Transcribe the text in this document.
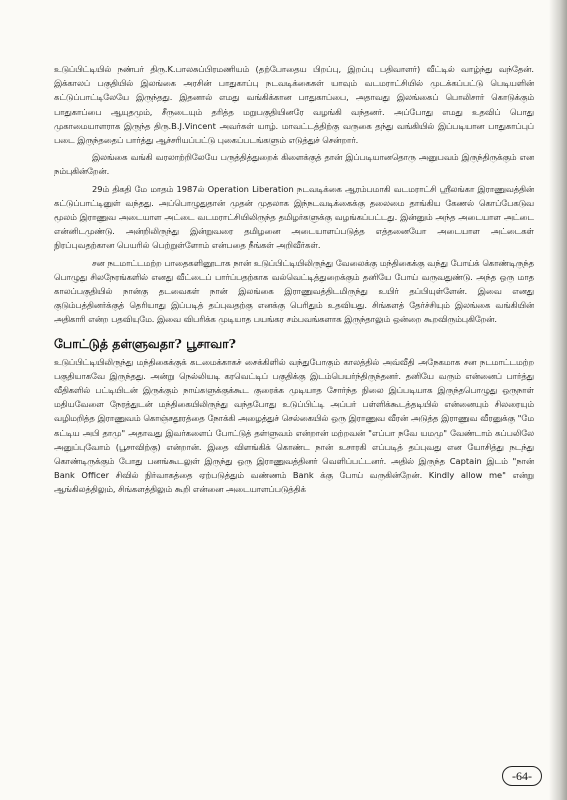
உடுப்பிட்டியில் நண்பர் திரு.K.பாலசுப்பிரமணியம் (தற்போதைய பிறப்பு, இறப்பு பதிவாளர்) வீட்டில் வாழ்ந்து வந்தேன். இக்காலப் பகுதியில் இலங்கை அரசின் பாதுகாப்பு நடவடிக்கைகள் யாவும் வடமராட்சியில் முடக்கப்பட்டு பெடியளின் கட்டுப்பாட்டிலேயே இருந்தது. இதனால் எமது வங்கிக்கான பாதுகாப்பை, அதாவது இலங்கைப் பொலிசார் கொடுக்கும் பாதுகாப்பை ஆயுதமும், சீருடையும் தரித்த மறுபகுதியினரே வழங்கி வந்தனர். அப்போது எமது உதவிப் பொது முகாமையாளராக இருந்த திரு.B.J.Vincent அவர்கள் யாழ். மாவட்டத்திற்கு வருகை தந்து வங்கியில் இப்படியான பாதுகாப்புப் படை இருந்ததைப் பார்த்து ஆச்சரியப்பட்டு புகைப்படங்களும் எடுத்துச் சென்றார்.

இலங்கை வங்கி வரலாற்றிலேயே பருத்தித்துறைக் கிளைக்குத் தான் இப்படியானதொரு அனுபவம் இருந்திருக்கும் என நம்புகின்றேன்.

29ம் திகதி மே மாதம் 1987ல் Operation Liberation நடவடிக்கை ஆரம்பமாகி வடமராட்சி ஸ்ரீலங்கா இராணுவத்தின் கட்டுப்பாட்டினுள் வந்தது. அப்பொழுதுதான் முதன் முதலாக இந்நடவடிக்கைக்கு தலைமை தாங்கிய கேணல் கொப்பேகடுவ மூலம் இராணுவ அடையாள அட்டை வடமராட்சியிலிருந்த தமிழர்களுக்கு வழங்கப்பட்டது. இன்னும் அந்த அடையாள அட்டை என்னிடமுண்டு. அன்றிலிருந்து இன்றுவரை தமிழனை அடையாளப்படுத்த எத்தனையோ அடையாள அட்டைகள் நிரப்புவதற்கான பெயரில் பெற்றுள்ளோம் என்பதை நீங்கள் அறிவீர்கள்.

சன நடமாட்டமற்ற பாதைகளினூடாக நான் உடுப்பிட்டியிலிருந்து வேலைக்கு மந்திகைக்கு வந்து போய்க் கொண்டிருந்த பொழுது சிலநேரங்களில் எனது வீட்டைப் பார்ப்பதற்காக வல்வெட்டித்துறைக்கும் தனியே போய் வருவதுண்டு. அந்த ஒரு மாத காலப்பகுதியில் நான்கு தடவைகள் நான் இலங்கை இராணுவத்திடமிருந்து உயிர் தப்பியுள்ளேன். இவை எனது குடும்பத்தினர்க்குத் தெரியாது இப்படித் தப்புவதற்கு எனக்கு பெரிதும் உதவியது. சிங்களத் தேர்ச்சியும் இலங்கை வங்கியின் அதிகாரி என்ற பதவியுமே. இவை விபரிக்க முடியாத பயங்கர சம்பவங்களாக இருந்தாலும் ஒன்றை கூறவிரும்புகிறேன்.

போட்டுத் தள்ளுவதா? பூசாவா?

உடுப்பிட்டியிலிருந்து மந்திகைக்குக் கடமைக்காகச் சைக்கிளில் வந்துபோகும் காலத்தில் அவ்வீதி அநேகமாக சன நடமாட்டமற்ற பகுதியாகவே இருந்தது. அன்று நெல்லியடி கரவெட்டிப் பகுதிக்கு இடம்பெயர்ந்திருந்தனர். தனியே வரும் என்னைப் பார்த்து வீதிகளில் பட்டியிடன் இருக்கும் நாய்களுக்குக்கூட குரைக்க முடியாத சோர்ந்த நிலை இப்படியாக இருந்தபொழுது ஒருநாள் மதியவேளை நேரத்துடன் மந்திகையிலிருந்து வந்தபோது உடுப்பிட்டி அப்பர் பள்ளிக்கூடத்தடியில் என்னையும் சிலரையும் வழிமறித்த இராணுவம் கொஞ்சதூரத்தை நோக்கி அழைத்துச் செல்கையில் ஒரு இராணுவ வீரன் அடுத்த இராணுவ வீரனுக்கு "மே கட்டிய அபி தாமு" அதாவது இவர்களைப் போட்டுத் தள்ளுவம் என்றான் மற்றவன் "எப்பா நவே யமமு" வேண்டாம் கப்பலிலே அனுப்புவோம் (பூசாவிற்கு) என்றான். இதை விளங்கிக் கொண்ட நான் உசாரகி எப்படித் தப்புவது என யோசித்து நடந்து கொண்டிருக்கும் போது பனங்கூடலுள் இருந்து ஒரு இராணுவத்தினர் வெளிப்பட்டனர். அதில் இருந்த Captain இடம் "நான் Bank Officer சிவில் நிர்வாகத்தை ஏற்படுத்தும் வண்ணம் Bank க்கு போய் வருகின்றேன். Kindly allow me" என்று ஆங்கிலத்திலும், சிங்களத்திலும் கூறி என்னை அடையாளப்படுத்திக்

-64-
